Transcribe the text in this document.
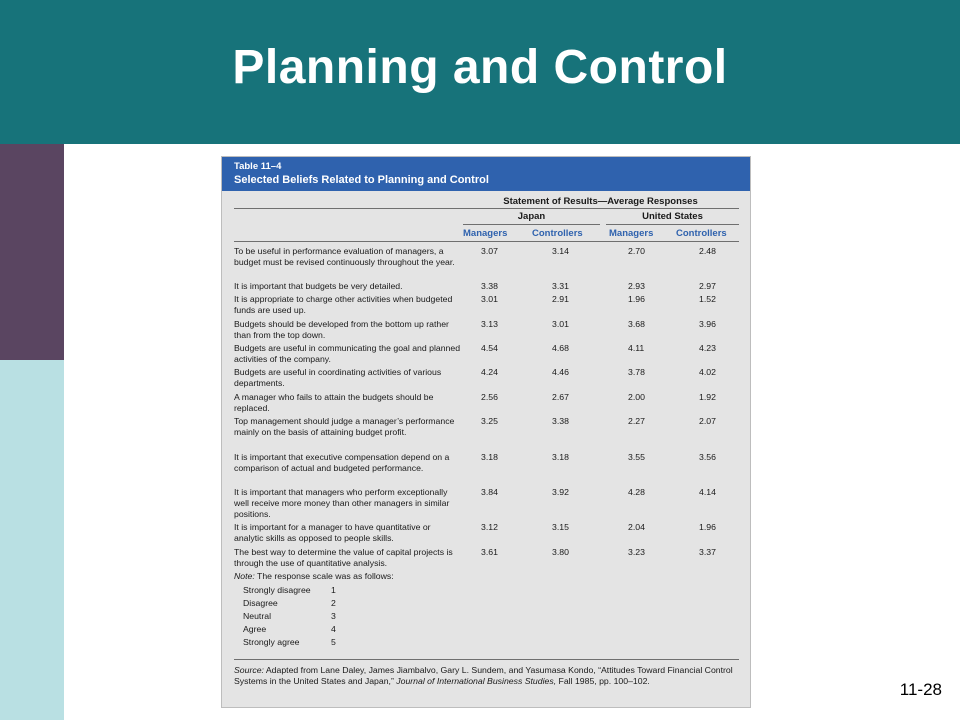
Planning and Control
Table 11–4
Selected Beliefs Related to Planning and Control
Statement of Results—Average Responses
Japan	United States
Managers	Controllers	Managers Controllers
To be useful in performance evaluation of managers, a budget must be revised continuously throughout the year.
3.07	3.14	2.70	2.48
It is important that budgets be very detailed.	3.38	3.31	2.93	2.97
It is appropriate to charge other activities when budgeted funds are used up.
3.01	2.91	1.96	1.52
Budgets should be developed from the bottom up rather than from the top down.
3.13	3.01	3.68	3.96
Budgets are useful in communicating the goal and planned activities of the company.
4.54	4.68	4.11	4.23
Budgets are useful in coordinating activities of various departments.
4.24	4.46	3.78	4.02
A manager who fails to attain the budgets should be replaced.
2.56	2.67	2.00	1.92
Top management should judge a manager’s performance mainly on the basis of attaining budget profit.
3.25	3.38	2.27	2.07
It is important that executive compensation depend on a comparison of actual and budgeted performance.
3.18	3.18	3.55	3.56
It is important that managers who perform exceptionally well receive more money than other managers in similar positions.
3.84	3.92	4.28	4.14
It is important for a manager to have quantitative or analytic skills as opposed to people skills.
3.12	3.15	2.04	1.96
The best way to determine the value of capital projects is through the use of quantitative analysis.
3.61	3.80	3.23	3.37
Note: The response scale was as follows:
Strongly disagree 1
Disagree	2
Neutral	3
Agree	4
Strongly agree	5
Source: Adapted from Lane Daley, James Jiambalvo, Gary L. Sundem, and Yasumasa Kondo, “Attitudes Toward Financial Control Systems in the United States and Japan,” Journal of International Business Studies, Fall 1985, pp. 100–102.	11-28
